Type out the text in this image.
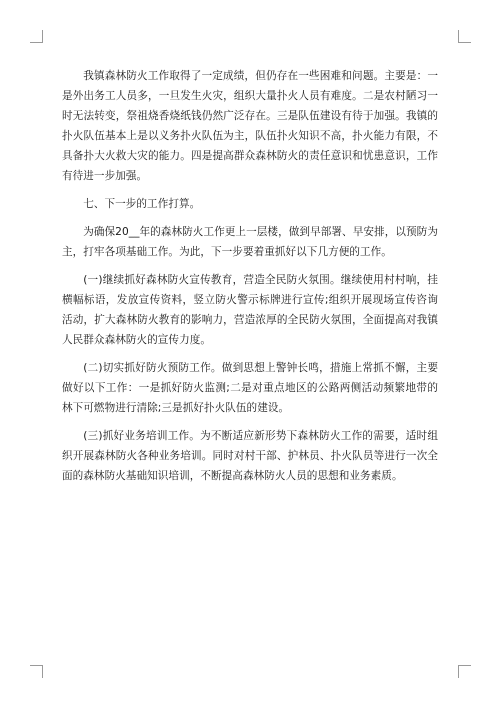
我镇森林防火工作取得了一定成绩，但仍存在一些困难和问题。主要是：一是外出务工人员多，一旦发生火灾，组织大量扑火人员有难度。二是农村陋习一时无法转变，祭祖烧香烧纸钱仍然广泛存在。三是队伍建设有待于加强。我镇的扑火队伍基本上是以义务扑火队伍为主，队伍扑火知识不高，扑火能力有限，不具备扑大火救大灾的能力。四是提高群众森林防火的责任意识和忧患意识，工作有待进一步加强。

七、下一步的工作打算。

为确保20__年的森林防火工作更上一层楼，做到早部署、早安排，以预防为主，打牢各项基础工作。为此，下一步要着重抓好以下几方便的工作。

(一)继续抓好森林防火宣传教育，营造全民防火氛围。继续使用村村响，挂横幅标语，发放宣传资料，竖立防火警示标牌进行宣传;组织开展现场宣传咨询活动，扩大森林防火教育的影响力，营造浓厚的全民防火氛围，全面提高对我镇人民群众森林防火的宣传力度。

(二)切实抓好防火预防工作。做到思想上警钟长鸣，措施上常抓不懈，主要做好以下工作：一是抓好防火监测;二是对重点地区的公路两侧活动频繁地带的林下可燃物进行清除;三是抓好扑火队伍的建设。

(三)抓好业务培训工作。为不断适应新形势下森林防火工作的需要，适时组织开展森林防火各种业务培训。同时对村干部、护林员、扑火队员等进行一次全面的森林防火基础知识培训，不断提高森林防火人员的思想和业务素质。
